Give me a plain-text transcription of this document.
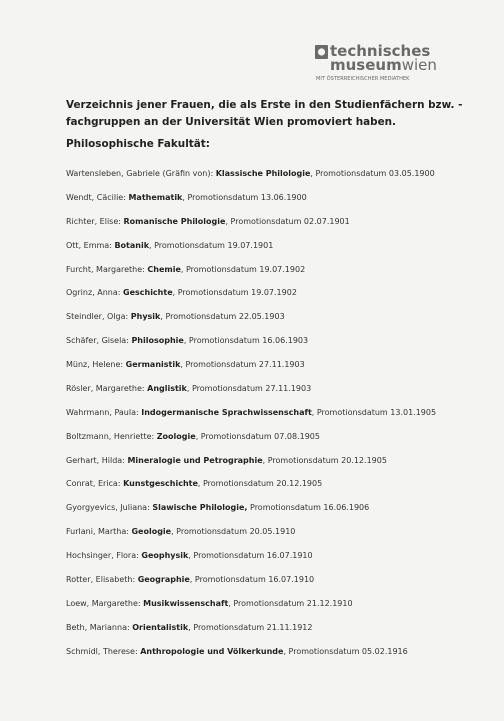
technisches
museumwien
MIT ÖSTERREICHISCHER MEDIATHEK
Verzeichnis jener Frauen, die als Erste in den Studienfächern bzw. - fachgruppen an der Universität Wien promoviert haben.
Philosophische Fakultät:
Wartensleben, Gabriele (Gräfin von): Klassische Philologie, Promotionsdatum 03.05.1900
Wendt, Cäcilie: Mathematik, Promotionsdatum 13.06.1900
Richter, Elise: Romanische Philologie, Promotionsdatum 02.07.1901
Ott, Emma: Botanik, Promotionsdatum 19.07.1901
Furcht, Margarethe: Chemie, Promotionsdatum 19.07.1902
Ogrinz, Anna: Geschichte, Promotionsdatum 19.07.1902
Steindler, Olga: Physik, Promotionsdatum 22.05.1903
Schäfer, Gisela: Philosophie, Promotionsdatum 16.06.1903
Münz, Helene: Germanistik, Promotionsdatum 27.11.1903
Rösler, Margarethe: Anglistik, Promotionsdatum 27.11.1903
Wahrmann, Paula: Indogermanische Sprachwissenschaft, Promotionsdatum 13.01.1905
Boltzmann, Henriette: Zoologie, Promotionsdatum 07.08.1905
Gerhart, Hilda: Mineralogie und Petrographie, Promotionsdatum 20.12.1905
Conrat, Erica: Kunstgeschichte, Promotionsdatum 20.12.1905
Gyorgyevics, Juliana: Slawische Philologie, Promotionsdatum 16.06.1906
Furlani, Martha: Geologie, Promotionsdatum 20.05.1910
Hochsinger, Flora: Geophysik, Promotionsdatum 16.07.1910
Rotter, Elisabeth: Geographie, Promotionsdatum 16.07.1910
Loew, Margarethe: Musikwissenschaft, Promotionsdatum 21.12.1910
Beth, Marianna: Orientalistik, Promotionsdatum 21.11.1912
Schmidl, Therese: Anthropologie und Völkerkunde, Promotionsdatum 05.02.1916
